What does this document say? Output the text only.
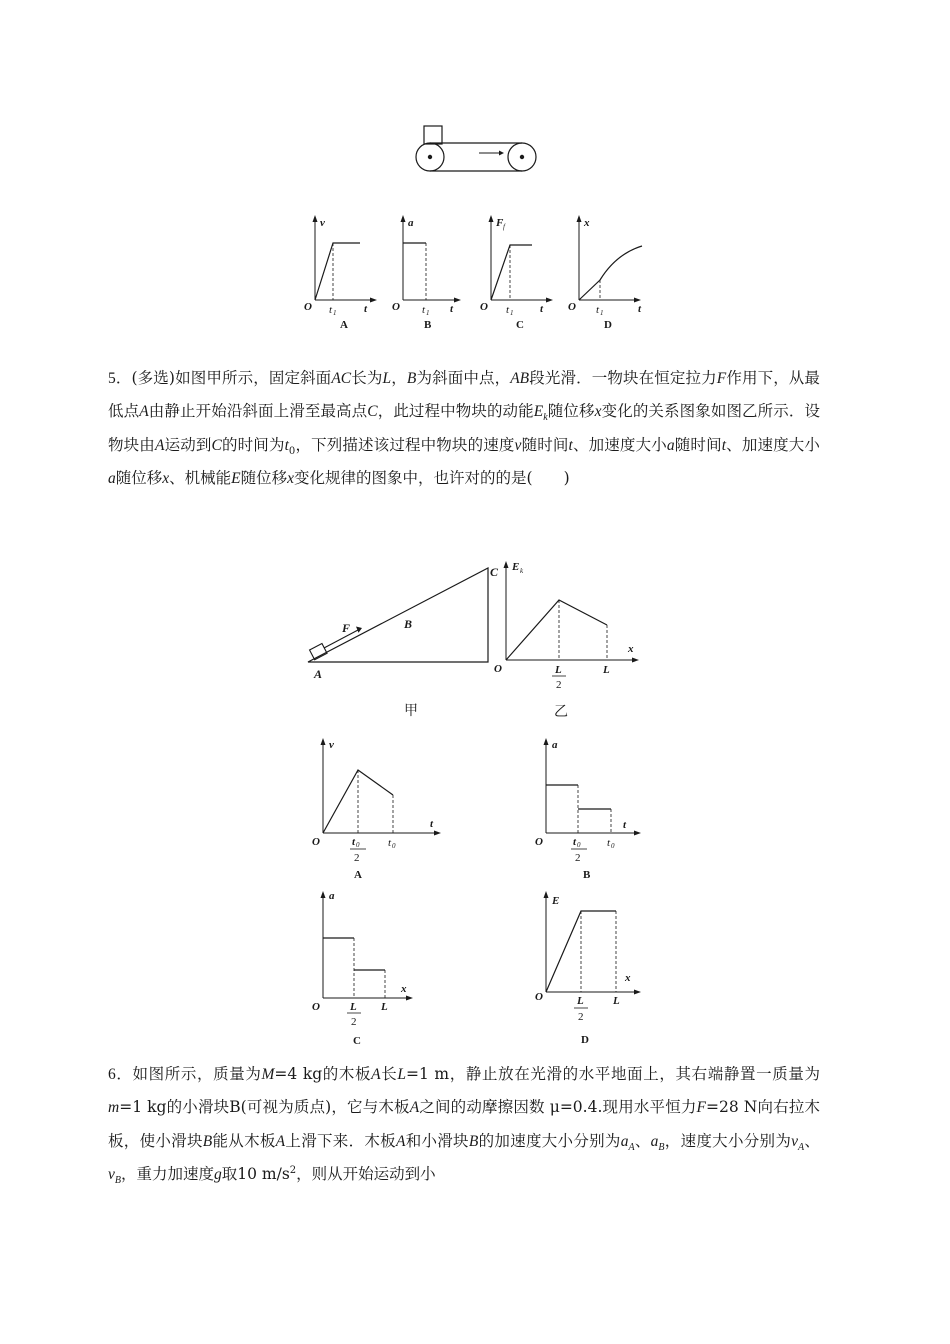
v
t
O t 1
A
a
t
O t 1
B
F f
t
O t 1
C
x
t
O t 1
D
5．(多选)如图甲所示，固定斜面AC长为L，B为斜面中点，AB段光滑．一物块在恒定拉力F作用下，从最低点A由静止开始沿斜面上滑至最高点C，此过程中物块的动能$E_k$随位移x变化的关系图象如图乙所示．设物块由A运动到C的时间为$t_0$，下列描述该过程中物块的速度v随时间t、加速度大小a随时间t、加速度大小a随位移x、机械能E随位移x变化规律的图象中，也许对的的是(　　)
F	B
C
A
甲
E k
x
O	L
2
L
乙
v
t
O	t 0
2
t 0
A
a
t
O	t 0
2
t 0
B
a
x
O	L
2
L
C
E
x
O	L
2
L
D
6．如图所示，质量为M=4 kg的木板A长L=1 m，静止放在光滑的水平地面上，其右端静置一质量为m=1 kg的小滑块B(可视为质点)，它与木板A之间的动摩擦因数 μ=0.4.现用水平恒力F=28 N向右拉木板，使小滑块B能从木板A上滑下来．木板A和小滑块B的加速度大小分别为$a_A$、$a_B$，速度大小分别为$v_A$、$v_B$，重力加速度g取10 $m/s^2$，则从开始运动到小
